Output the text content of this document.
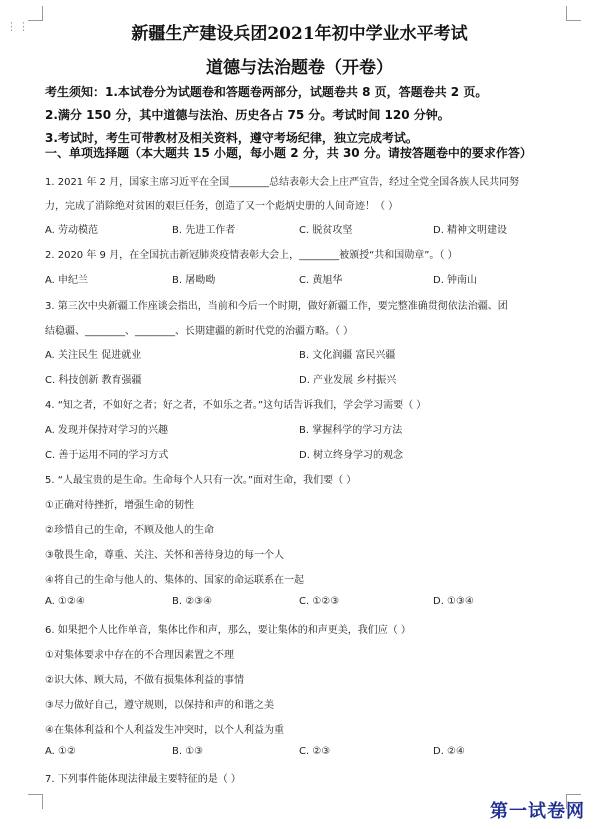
⋮⋮	新疆生产建设兵团2021年初中学业水平考试
道德与法治题卷（开卷）
考生须知：1.本试卷分为试题卷和答题卷两部分，试题卷共 8 页，答题卷共 2 页。
2.满分 150 分，其中道德与法治、历史各占 75 分。考试时间 120 分钟。
3.考试时，考生可带教材及相关资料，遵守考场纪律，独立完成考试。
一、单项选择题（本大题共 15 小题，每小题 2 分，共 30 分。请按答题卷中的要求作答）
1. 2021 年 2 月，国家主席习近平在全国________总结表彰大会上庄严宣告，经过全党全国各族人民共同努
力，完成了消除绝对贫困的艰巨任务，创造了又一个彪炳史册的人间奇迹！（ ）
A. 劳动模范	B. 先进工作者	C. 脱贫攻坚	D. 精神文明建设
2. 2020 年 9 月，在全国抗击新冠肺炎疫情表彰大会上，________被颁授“共和国勋章”。（ ）
A. 申纪兰	B. 屠呦呦	C. 黄旭华	D. 钟南山
3. 第三次中央新疆工作座谈会指出，当前和今后一个时期，做好新疆工作，要完整准确贯彻依法治疆、团
结稳疆、________、________、长期建疆的新时代党的治疆方略。（ ）
A. 关注民生 促进就业	B. 文化润疆 富民兴疆
C. 科技创新 教育强疆	D. 产业发展 乡村振兴
4. “知之者，不如好之者；好之者，不如乐之者。”这句话告诉我们，学会学习需要（ ）
A. 发现并保持对学习的兴趣	B. 掌握科学的学习方法
C. 善于运用不同的学习方式	D. 树立终身学习的观念
5. “人最宝贵的是生命。生命每个人只有一次。”面对生命，我们要（ ）
①正确对待挫折，增强生命的韧性
②珍惜自己的生命，不顾及他人的生命
③敬畏生命，尊重、关注、关怀和善待身边的每一个人
④将自己的生命与他人的、集体的、国家的命运联系在一起
A. ①②④	B. ②③④	C. ①②③	D. ①③④
6. 如果把个人比作单音，集体比作和声，那么，要让集体的和声更美，我们应（ ）
①对集体要求中存在的不合理因素置之不理
②识大体、顾大局，不做有损集体利益的事情
③尽力做好自己，遵守规则，以保持和声的和谐之美
④在集体利益和个人利益发生冲突时，以个人利益为重
A. ①②	B. ①③	C. ②③	D. ②④
7. 下列事件能体现法律最主要特征的是（ ）
第一试卷网
